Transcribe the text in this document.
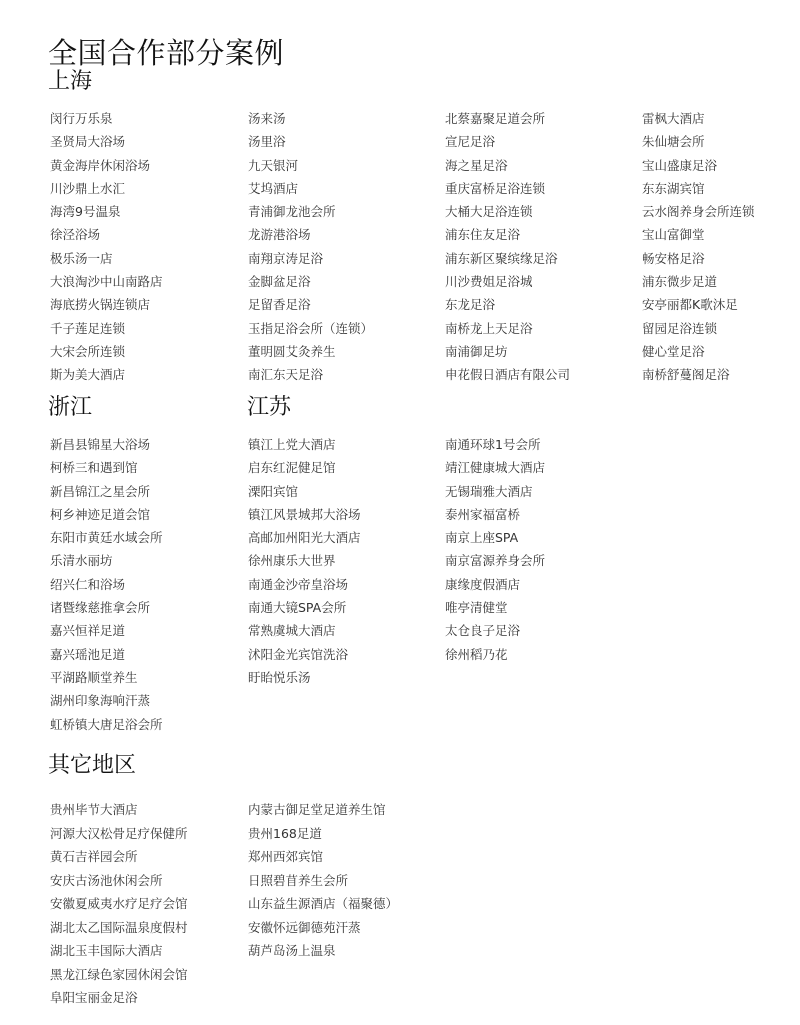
全国合作部分案例
上海
闵行万乐泉
圣贤局大浴场
黄金海岸休闲浴场
川沙鼎上水汇
海湾9号温泉
徐泾浴场
极乐汤一店
大浪淘沙中山南路店
海底捞火锅连锁店
千子莲足连锁
大宋会所连锁
斯为美大酒店
汤来汤
汤里浴
九天银河
艾坞酒店
青浦御龙池会所
龙游港浴场
南翔京涛足浴
金脚盆足浴
足留香足浴
玉指足浴会所（连锁）
董明圆艾灸养生
南汇东天足浴
北蔡嘉聚足道会所
宣尼足浴
海之星足浴
重庆富桥足浴连锁
大桶大足浴连锁
浦东住友足浴
浦东新区聚缤缘足浴
川沙费姐足浴城
东龙足浴
南桥龙上天足浴
南浦御足坊
申花假日酒店有限公司
雷枫大酒店
朱仙塘会所
宝山盛康足浴
东东湖宾馆
云水阁养身会所连锁
宝山富御堂
畅安格足浴
浦东微步足道
安亭丽都K歌沐足
留园足浴连锁
健心堂足浴
南桥舒蔓阁足浴
浙江
新昌县锦星大浴场
柯桥三和遇到馆
新昌锦江之星会所
柯乡神迹足道会馆
东阳市黄廷水域会所
乐清水丽坊
绍兴仁和浴场
诸暨缘慈推拿会所
嘉兴恒祥足道
嘉兴瑶池足道
平湖路顺堂养生
湖州印象海响汗蒸
虹桥镇大唐足浴会所
江苏
镇江上党大酒店
启东红泥健足馆
溧阳宾馆
镇江风景城邦大浴场
高邮加州阳光大酒店
徐州康乐大世界
南通金沙帝皇浴场
南通大镜SPA会所
常熟虞城大酒店
沭阳金光宾馆洗浴
盱眙悦乐汤
南通环球1号会所
靖江健康城大酒店
无锡瑞雅大酒店
泰州家福富桥
南京上座SPA
南京富源养身会所
康缘度假酒店
唯亭清健堂
太仓良子足浴
徐州稻乃花
其它地区
贵州毕节大酒店
河源大汉松骨足疗保健所
黄石吉祥园会所
安庆古汤池休闲会所
安徽夏威夷水疗足疗会馆
湖北太乙国际温泉度假村
湖北玉丰国际大酒店
黑龙江绿色家园休闲会馆
阜阳宝丽金足浴
内蒙古御足堂足道养生馆
贵州168足道
郑州西郊宾馆
日照碧苜养生会所
山东益生源酒店（福聚德）
安徽怀远御德苑汗蒸
葫芦岛汤上温泉
